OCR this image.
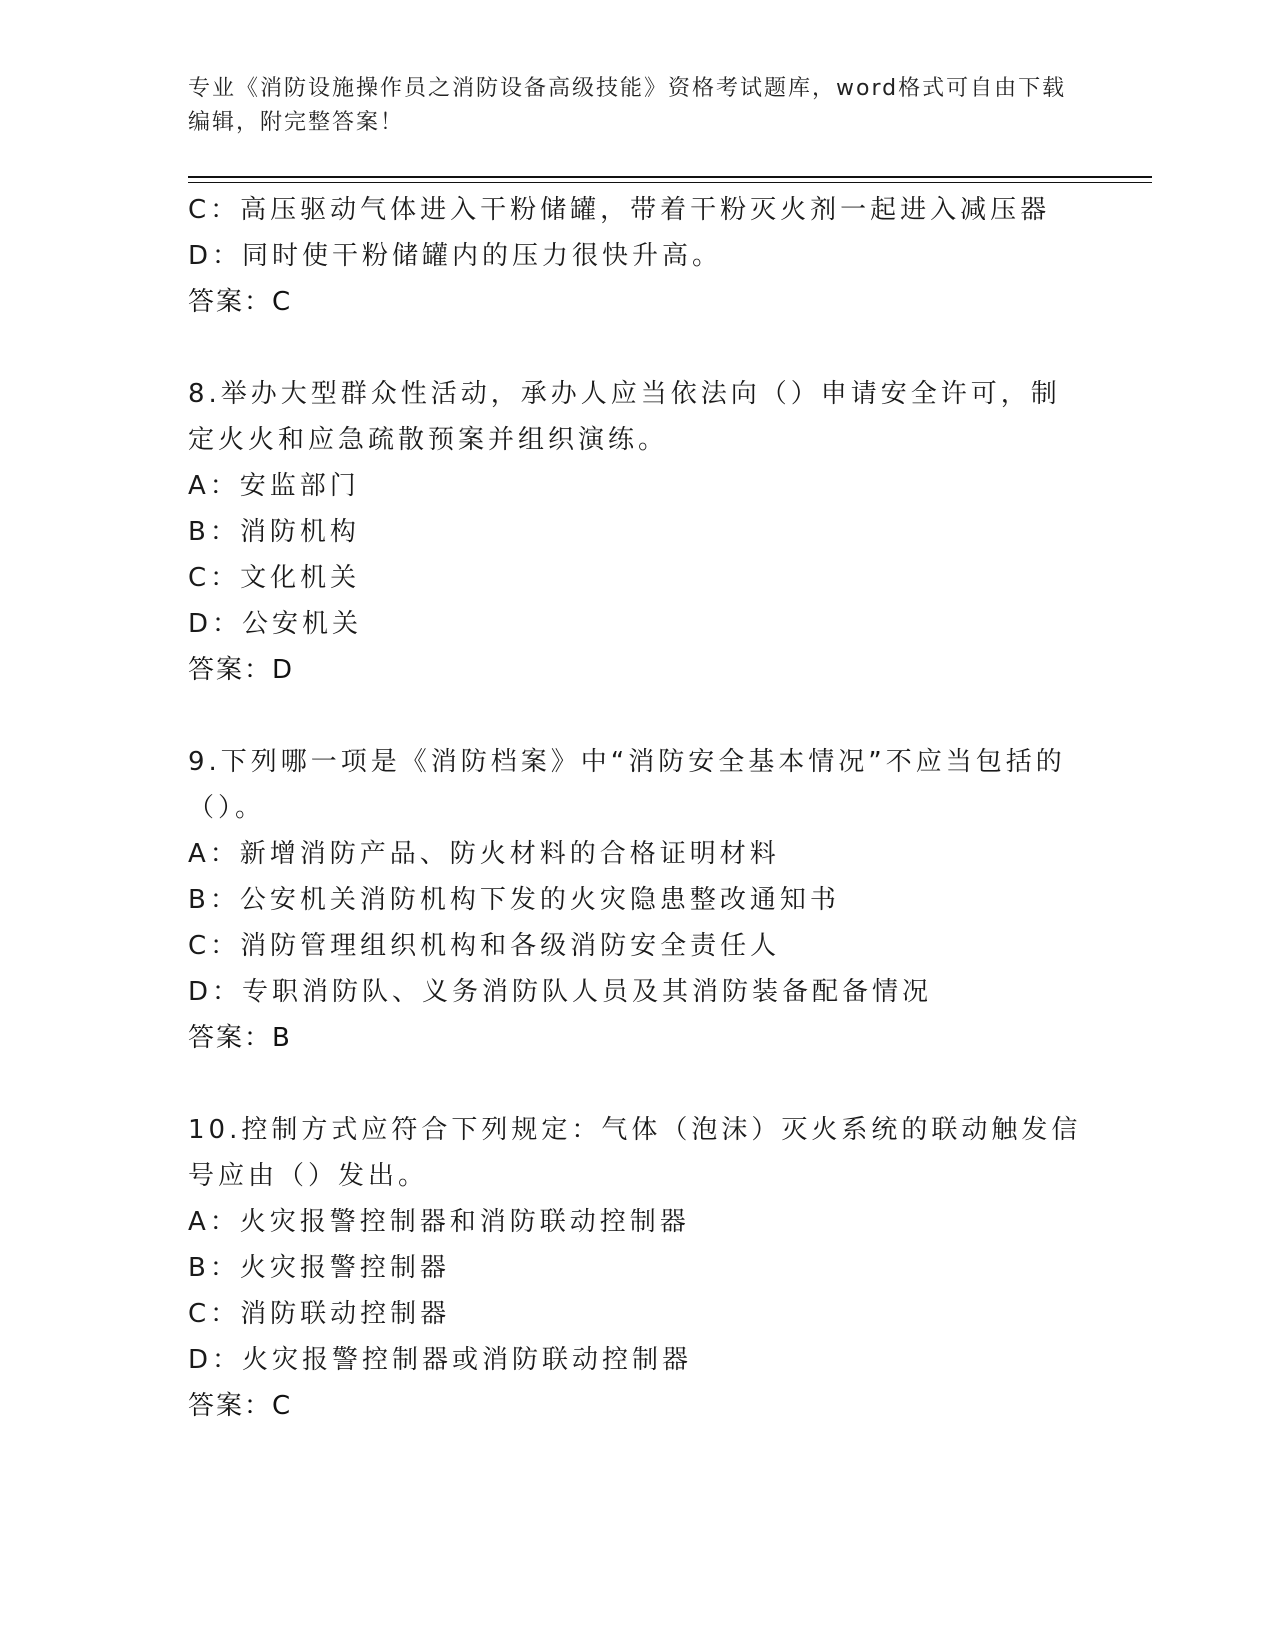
专业《消防设施操作员之消防设备高级技能》资格考试题库，word格式可自由下载编辑，附完整答案！
C：高压驱动气体进入干粉储罐，带着干粉灭火剂一起进入减压器
D：同时使干粉储罐内的压力很快升高。
答案：C
8.举办大型群众性活动，承办人应当依法向（）申请安全许可，制定火火和应急疏散预案并组织演练。
A：安监部门
B：消防机构
C：文化机关
D：公安机关
答案：D
9.下列哪一项是《消防档案》中“消防安全基本情况”不应当包括的（）。
A：新增消防产品、防火材料的合格证明材料
B：公安机关消防机构下发的火灾隐患整改通知书
C：消防管理组织机构和各级消防安全责任人
D：专职消防队、义务消防队人员及其消防装备配备情况
答案：B
10.控制方式应符合下列规定：气体（泡沫）灭火系统的联动触发信号应由（）发出。
A：火灾报警控制器和消防联动控制器
B：火灾报警控制器
C：消防联动控制器
D：火灾报警控制器或消防联动控制器
答案：C
